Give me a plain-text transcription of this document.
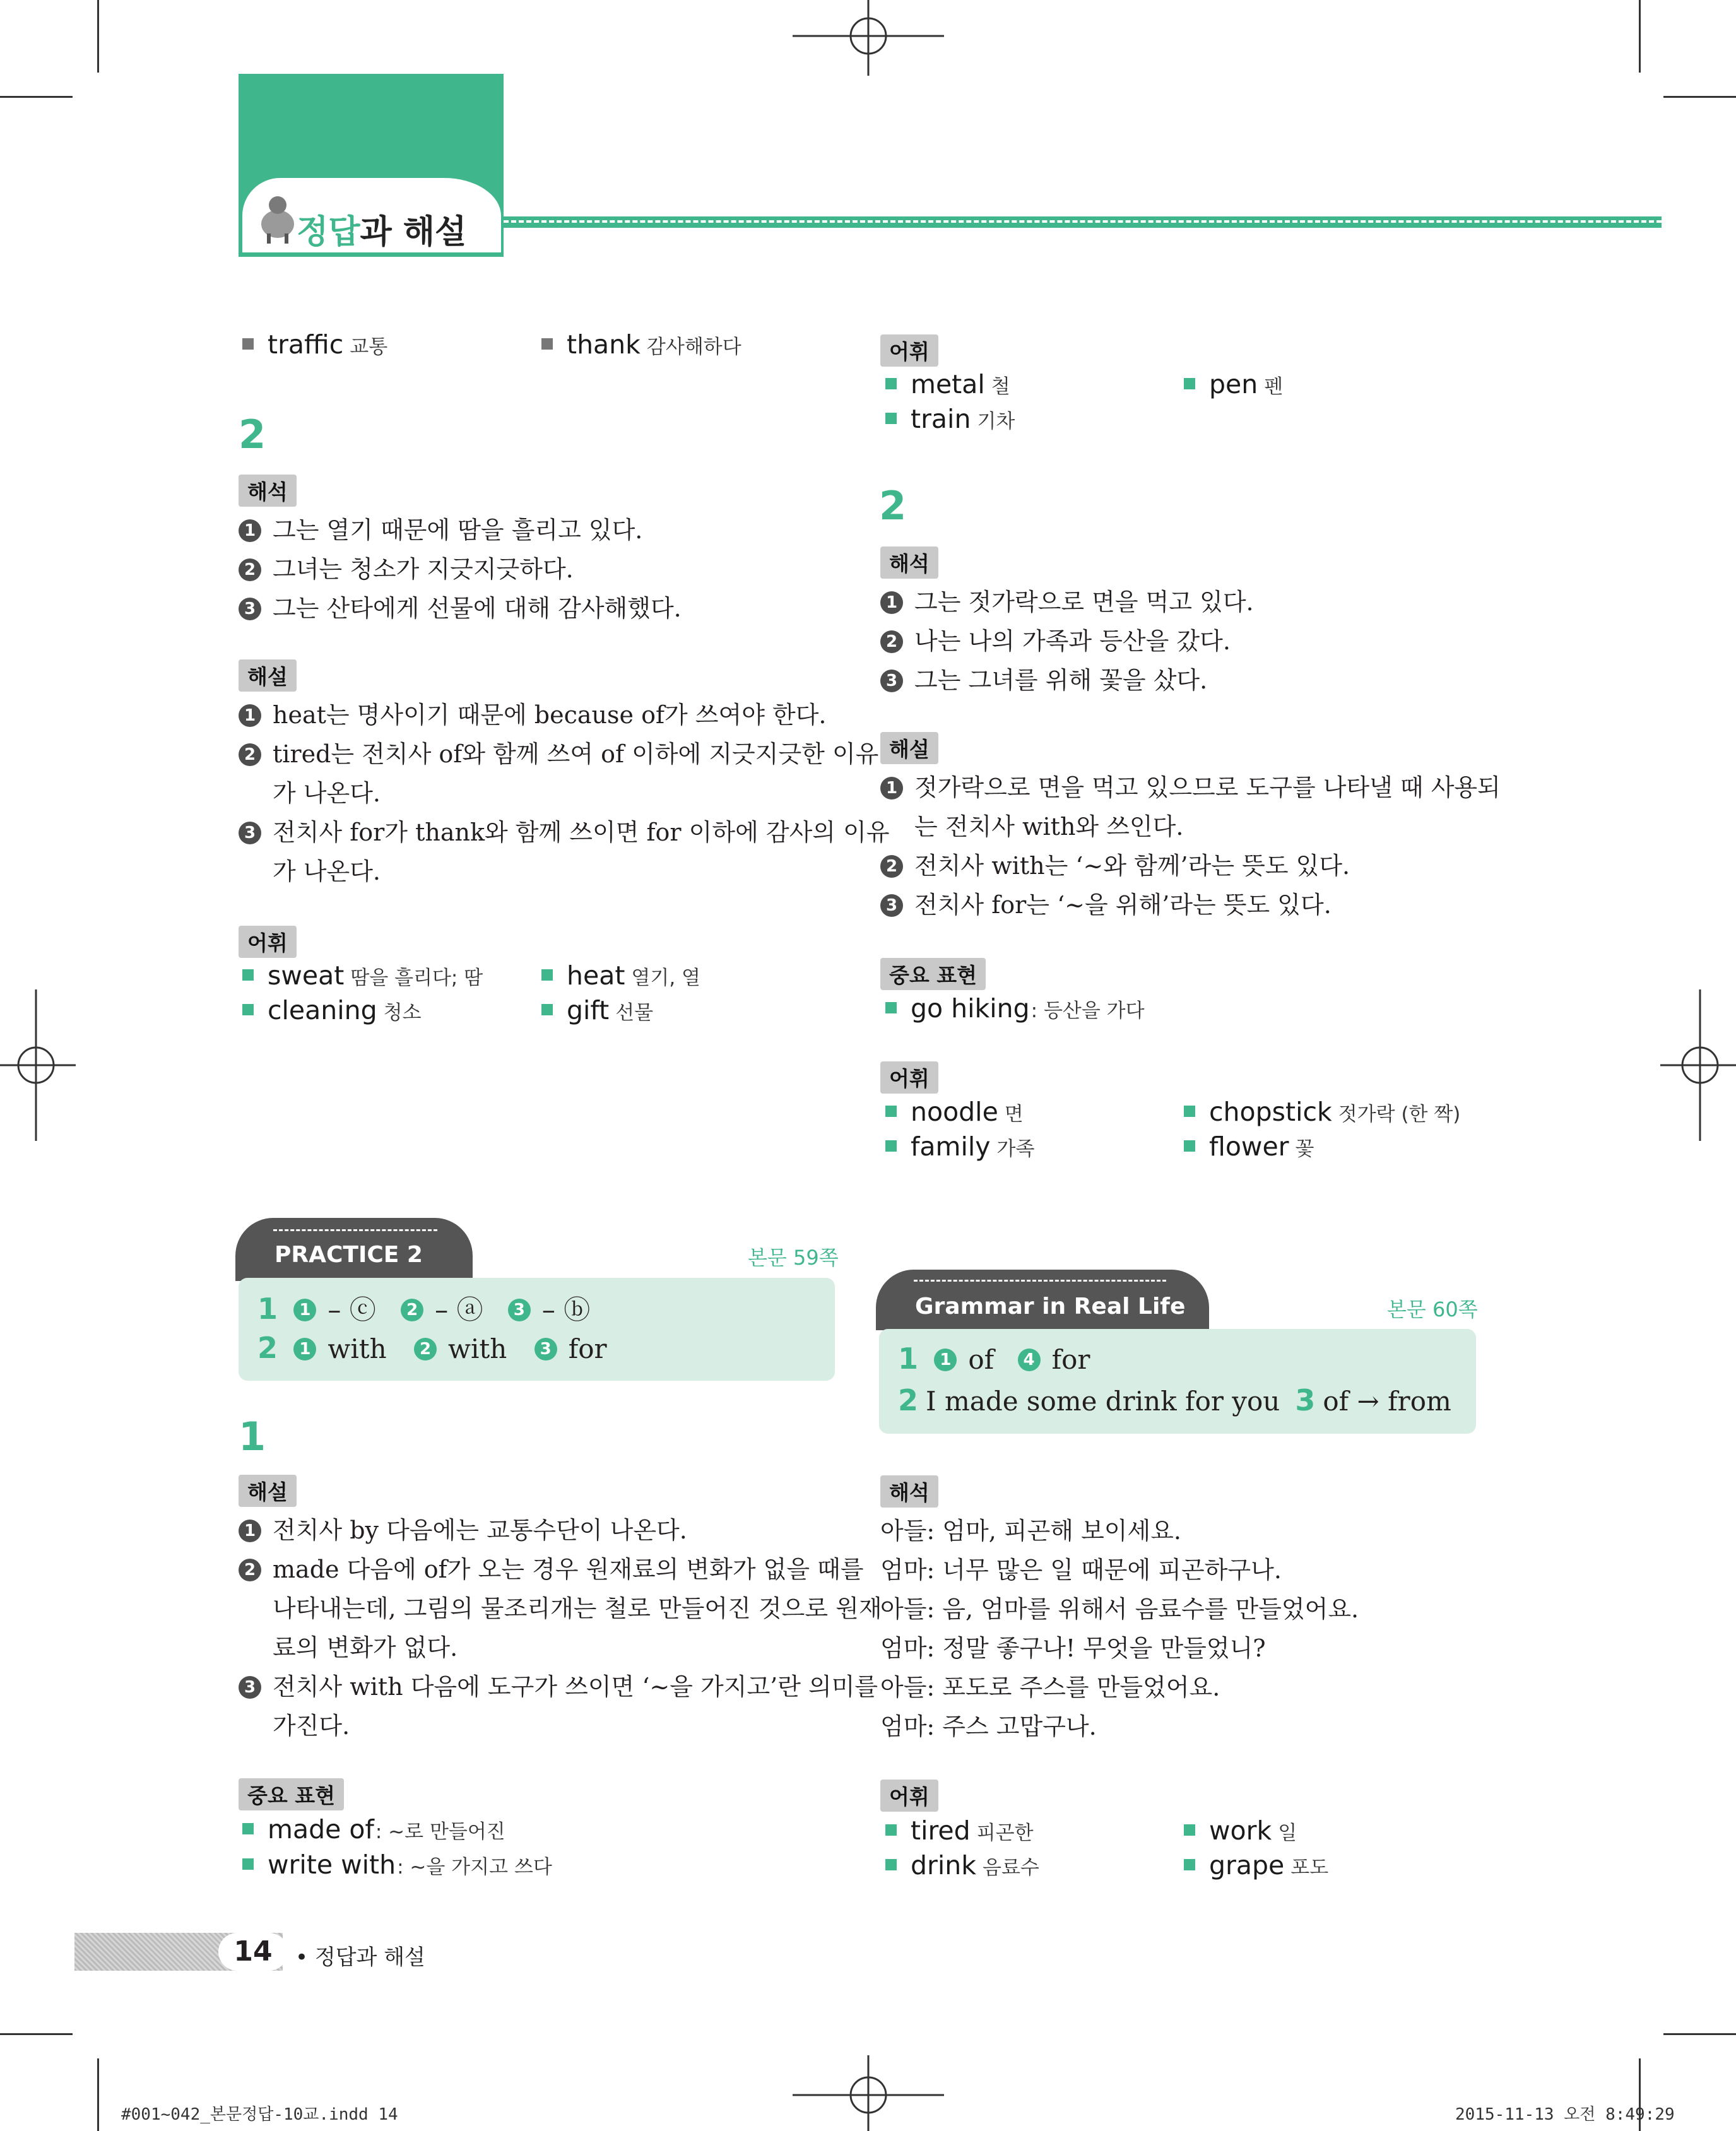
정답과 해설
traffic 교통	thank 감사해하다
2
해석
1 그는 열기 때문에 땀을 흘리고 있다.
2 그녀는 청소가 지긋지긋하다.
3 그는 산타에게 선물에 대해 감사해했다.
해설
1 heat는 명사이기 때문에 because of가 쓰여야 한다.
2 tired는 전치사 of와 함께 쓰여 of 이하에 지긋지긋한 이유
가 나온다.
3 전치사 for가 thank와 함께 쓰이면 for 이하에 감사의 이유
가 나온다.
어휘
sweat 땀을 흘리다; 땀	heat 열기, 열
cleaning 청소	gift 선물
PRACTICE 2	본문 59쪽
1 1 – ⓒ 2 – ⓐ 3 – ⓑ
2 1 with 2 with 3 for
1
해설
1 전치사 by 다음에는 교통수단이 나온다.
2 made 다음에 of가 오는 경우 원재료의 변화가 없을 때를
나타내는데, 그림의 물조리개는 철로 만들어진 것으로 원재
료의 변화가 없다.
3 전치사 with 다음에 도구가 쓰이면 ‘~을 가지고’란 의미를
가진다.
중요 표현
made of: ~로 만들어진
write with: ~을 가지고 쓰다
어휘
metal 철	pen 펜
train 기차
2
해석
1 그는 젓가락으로 면을 먹고 있다.
2 나는 나의 가족과 등산을 갔다.
3 그는 그녀를 위해 꽃을 샀다.
해설
1 젓가락으로 면을 먹고 있으므로 도구를 나타낼 때 사용되
는 전치사 with와 쓰인다.
2 전치사 with는 ‘~와 함께’라는 뜻도 있다.
3 전치사 for는 ‘~을 위해’라는 뜻도 있다.
중요 표현
go hiking: 등산을 가다
어휘
noodle 면	chopstick 젓가락 (한 짝)
family 가족	flower 꽃
Grammar in Real Life	본문 60쪽
1 1 of 4 for
2 I made some drink for you 3 of → from
해석
아들: 엄마, 피곤해 보이세요.
엄마: 너무 많은 일 때문에 피곤하구나.
아들: 음, 엄마를 위해서 음료수를 만들었어요.
엄마: 정말 좋구나! 무엇을 만들었니?
아들: 포도로 주스를 만들었어요.
엄마: 주스 고맙구나.
어휘
tired 피곤한	work 일
drink 음료수	grape 포도
14	• 정답과 해설
#001~042_본문정답-10교.indd 14	2015-11-13 오전 8:49:29
